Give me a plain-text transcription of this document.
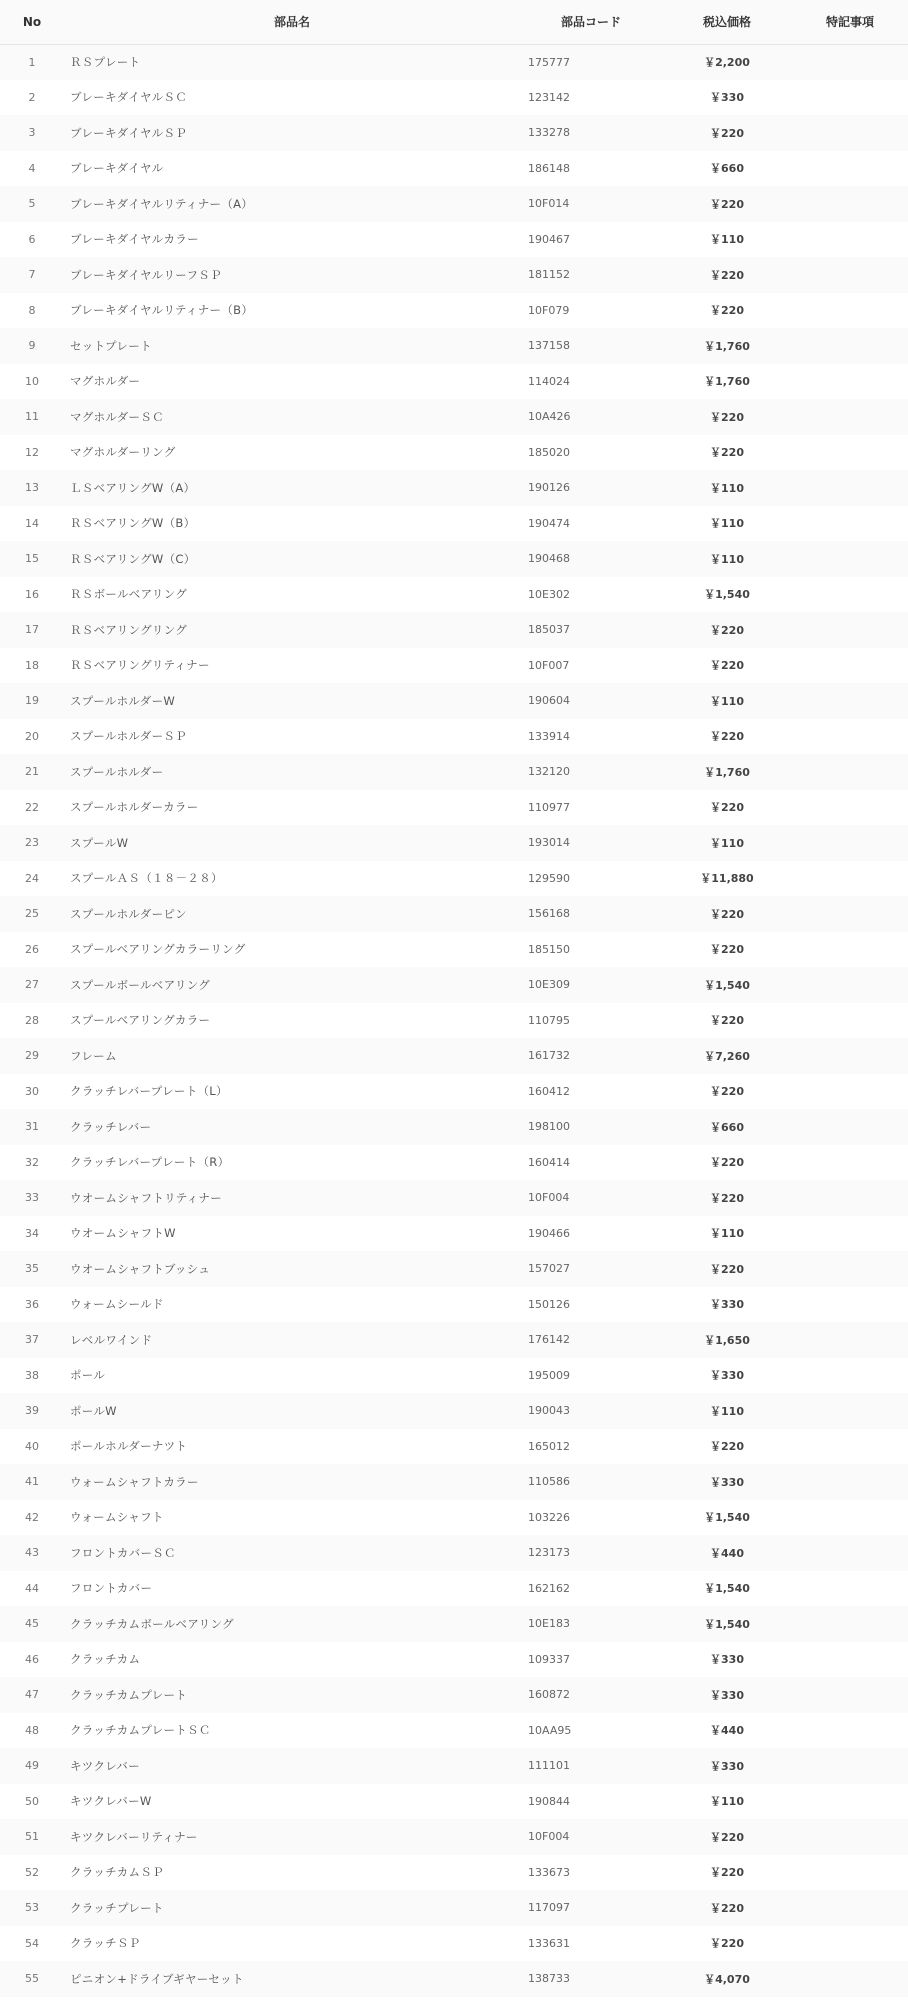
No	部品名	部品コード	税込価格	特記事項
1	ＲＳプレート	175777	￥2,200	
2	ブレーキダイヤルＳＣ	123142	￥330	
3	ブレーキダイヤルＳＰ	133278	￥220	
4	ブレーキダイヤル	186148	￥660	
5	ブレーキダイヤルリティナー（A）	10F014	￥220	
6	ブレーキダイヤルカラー	190467	￥110	
7	ブレーキダイヤルリーフＳＰ	181152	￥220	
8	ブレーキダイヤルリティナー（B）	10F079	￥220	
9	セットプレート	137158	￥1,760	
10	マグホルダー	114024	￥1,760	
11	マグホルダーＳＣ	10A426	￥220	
12	マグホルダーリング	185020	￥220	
13	ＬＳベアリングW（A）	190126	￥110	
14	ＲＳベアリングW（B）	190474	￥110	
15	ＲＳベアリングW（C）	190468	￥110	
16	ＲＳボールベアリング	10E302	￥1,540	
17	ＲＳベアリングリング	185037	￥220	
18	ＲＳベアリングリティナー	10F007	￥220	
19	スプールホルダーW	190604	￥110	
20	スプールホルダーＳＰ	133914	￥220	
21	スプールホルダー	132120	￥1,760	
22	スプールホルダーカラー	110977	￥220	
23	スプールW	193014	￥110	
24	スプールＡＳ（１８－２８）	129590	￥11,880	
25	スプールホルダーピン	156168	￥220	
26	スプールベアリングカラーリング	185150	￥220	
27	スプールボールベアリング	10E309	￥1,540	
28	スプールベアリングカラー	110795	￥220	
29	フレーム	161732	￥7,260	
30	クラッチレバープレート（L）	160412	￥220	
31	クラッチレバー	198100	￥660	
32	クラッチレバープレート（R）	160414	￥220	
33	ウオームシャフトリティナー	10F004	￥220	
34	ウオームシャフトW	190466	￥110	
35	ウオームシャフトブッシュ	157027	￥220	
36	ウォームシールド	150126	￥330	
37	レベルワインド	176142	￥1,650	
38	ポール	195009	￥330	
39	ポールW	190043	￥110	
40	ポールホルダーナツト	165012	￥220	
41	ウォームシャフトカラー	110586	￥330	
42	ウォームシャフト	103226	￥1,540	
43	フロントカバーＳＣ	123173	￥440	
44	フロントカバー	162162	￥1,540	
45	クラッチカムボールベアリング	10E183	￥1,540	
46	クラッチカム	109337	￥330	
47	クラッチカムプレート	160872	￥330	
48	クラッチカムプレートＳＣ	10AA95	￥440	
49	キツクレバー	111101	￥330	
50	キツクレバーW	190844	￥110	
51	キツクレバーリティナー	10F004	￥220	
52	クラッチカムＳＰ	133673	￥220	
53	クラッチプレート	117097	￥220	
54	クラッチＳＰ	133631	￥220	
55	ピニオン+ドライブギヤーセット	138733	￥4,070	
